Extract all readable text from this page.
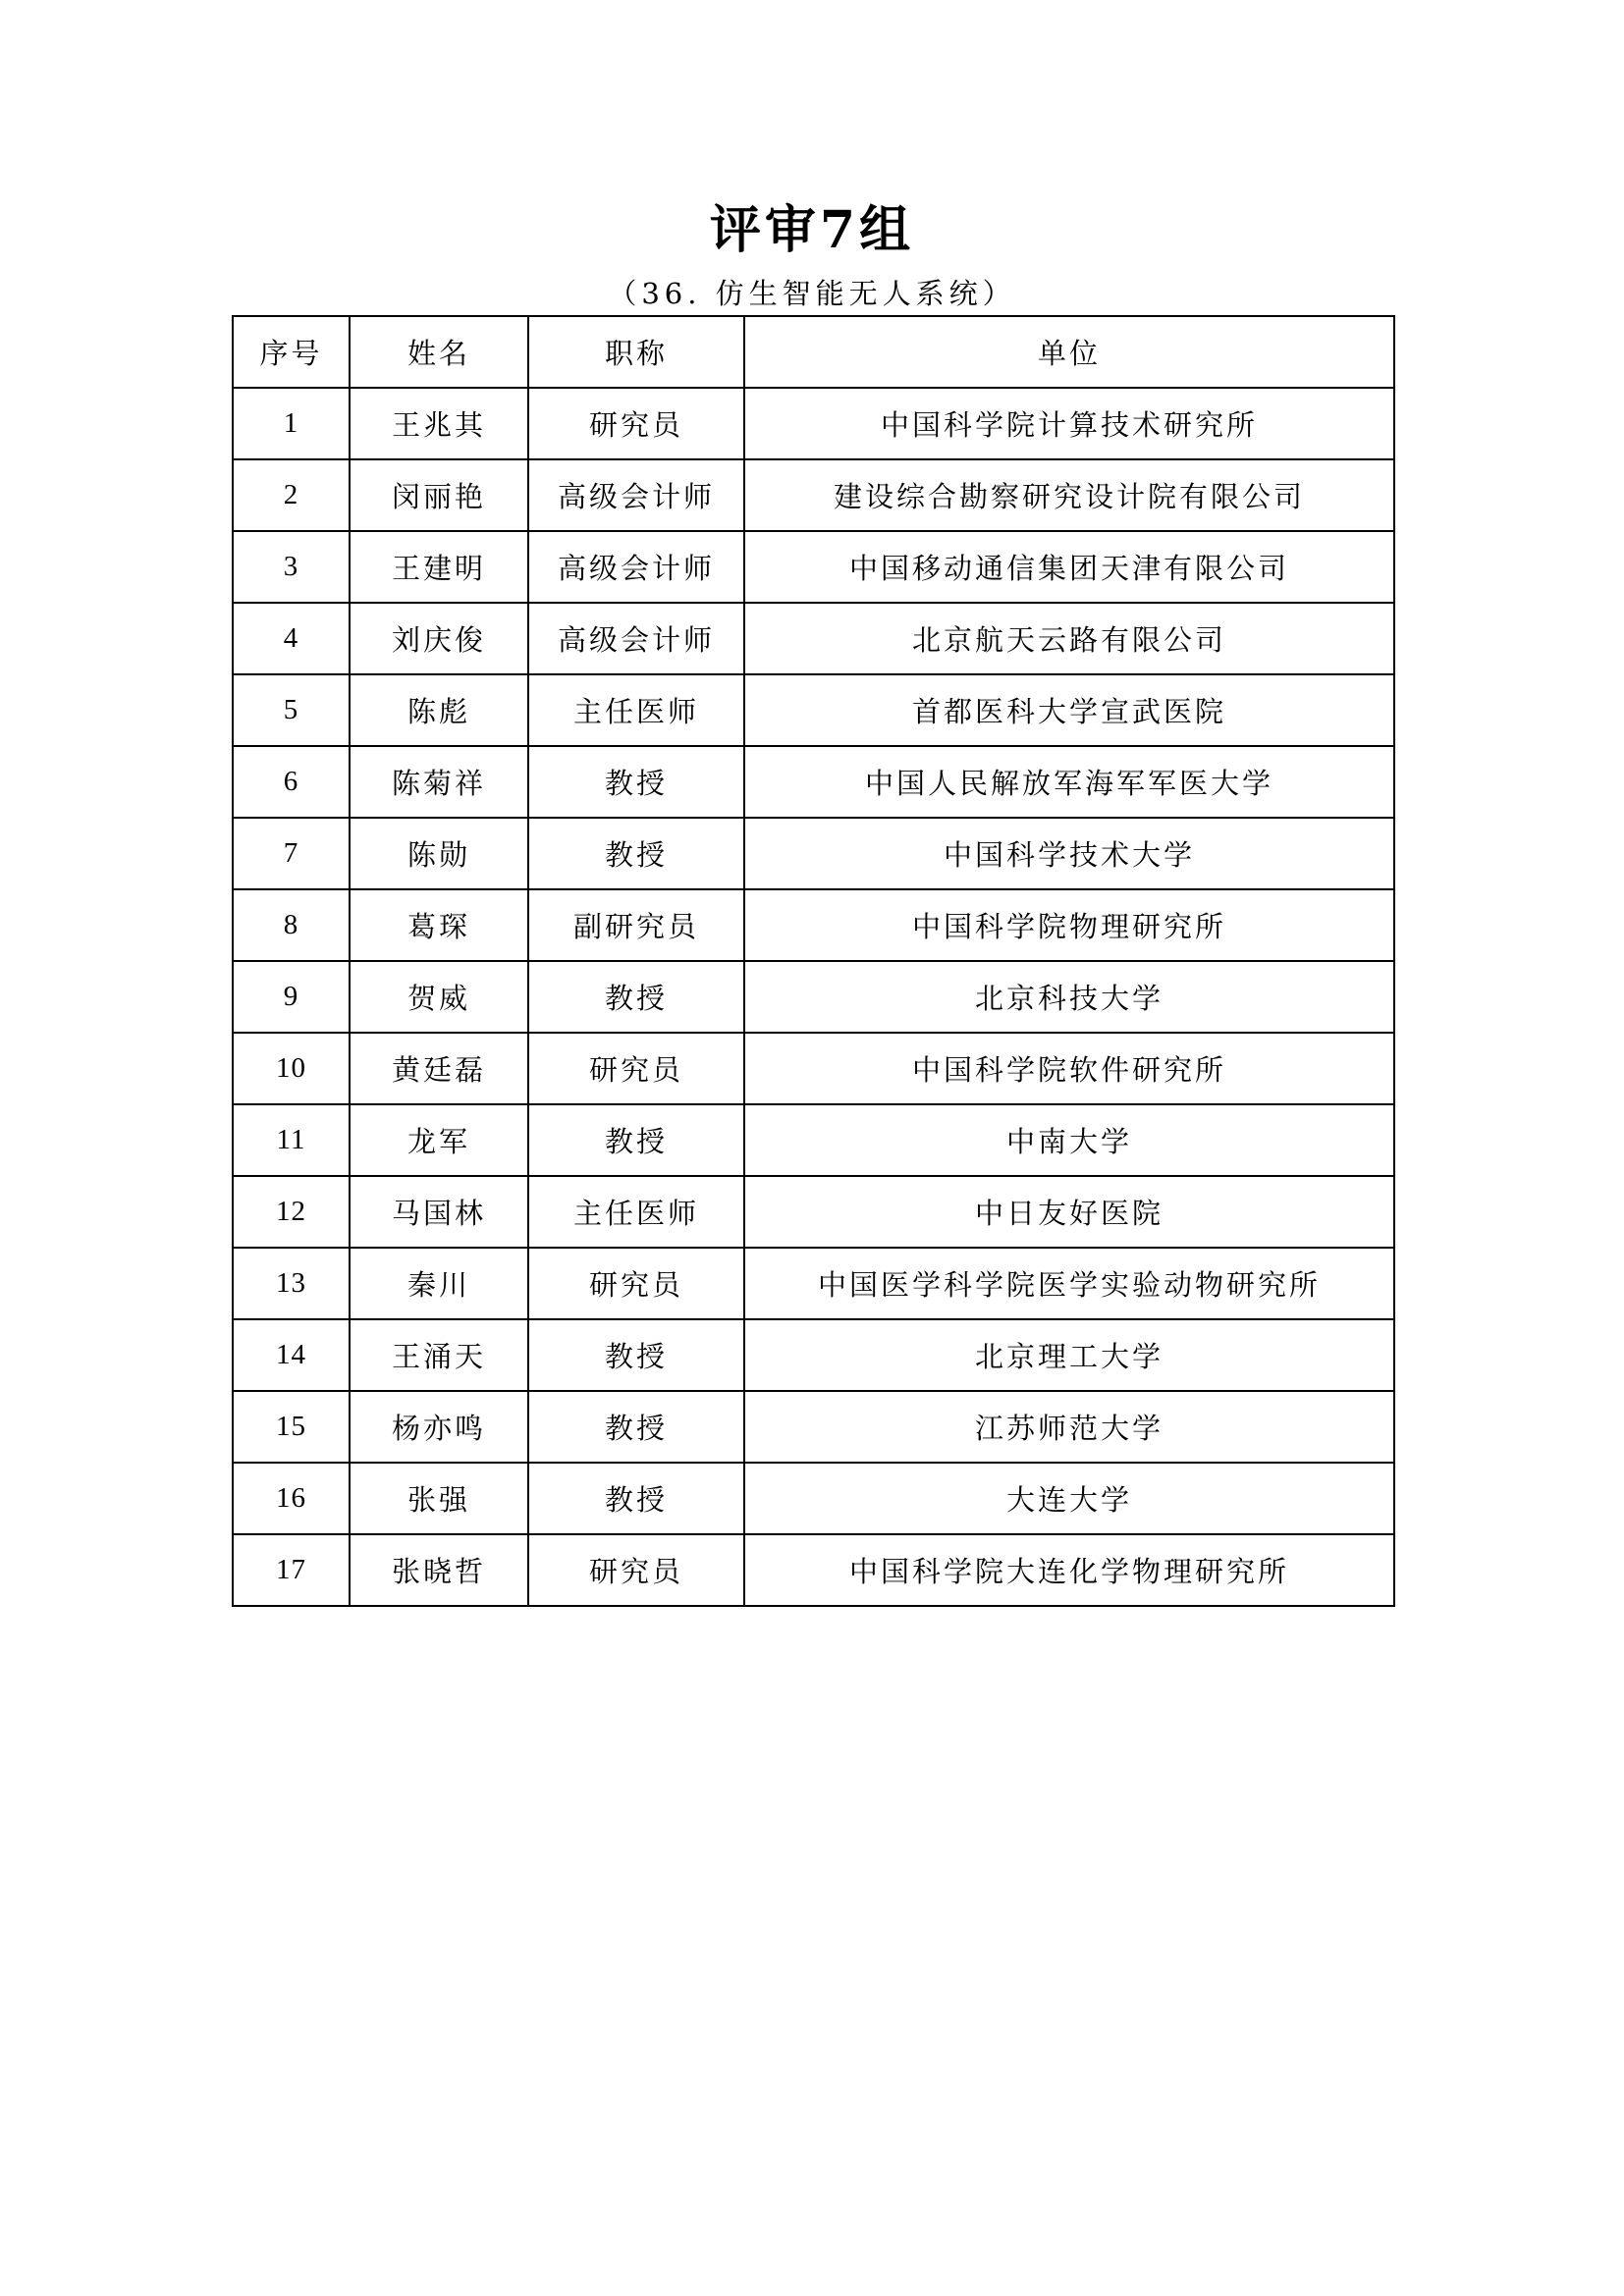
评审7组
（36. 仿生智能无人系统）
序号	姓名	职称	单位
1	王兆其	研究员	中国科学院计算技术研究所
2	闵丽艳	高级会计师	建设综合勘察研究设计院有限公司
3	王建明	高级会计师	中国移动通信集团天津有限公司
4	刘庆俊	高级会计师	北京航天云路有限公司
5	陈彪	主任医师	首都医科大学宣武医院
6	陈菊祥	教授	中国人民解放军海军军医大学
7	陈勋	教授	中国科学技术大学
8	葛琛	副研究员	中国科学院物理研究所
9	贺威	教授	北京科技大学
10	黄廷磊	研究员	中国科学院软件研究所
11	龙军	教授	中南大学
12	马国林	主任医师	中日友好医院
13	秦川	研究员	中国医学科学院医学实验动物研究所
14	王涌天	教授	北京理工大学
15	杨亦鸣	教授	江苏师范大学
16	张强	教授	大连大学
17	张晓哲	研究员	中国科学院大连化学物理研究所
